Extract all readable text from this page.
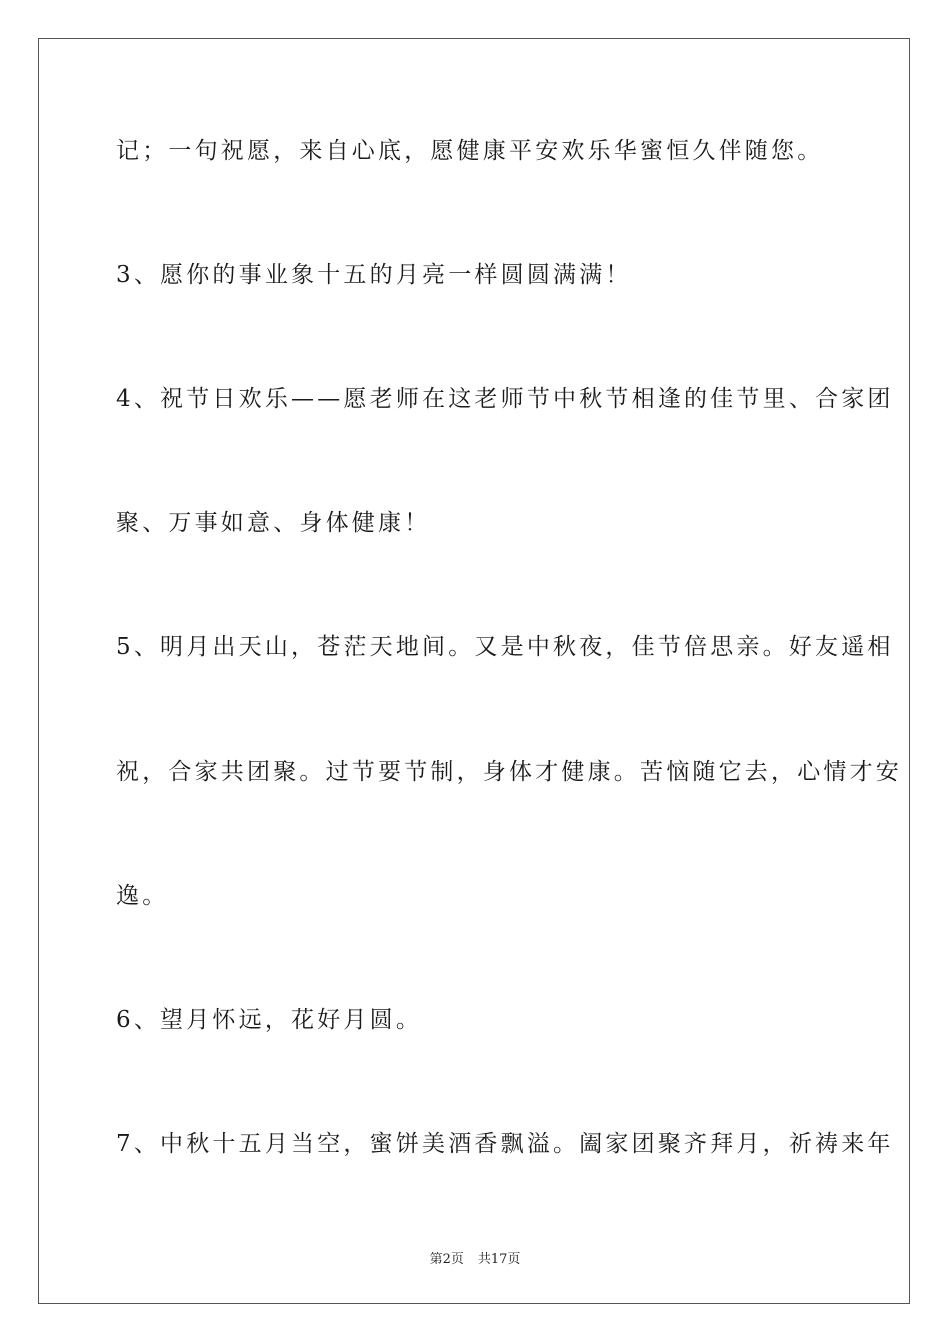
记；一句祝愿，来自心底，愿健康平安欢乐华蜜恒久伴随您。
3、愿你的事业象十五的月亮一样圆圆满满！
4、祝节日欢乐——愿老师在这老师节中秋节相逢的佳节里、合家团
聚、万事如意、身体健康！
5、明月出天山，苍茫天地间。又是中秋夜，佳节倍思亲。好友遥相
祝，合家共团聚。过节要节制，身体才健康。苦恼随它去，心情才安
逸。
6、望月怀远，花好月圆。
7、中秋十五月当空，蜜饼美酒香飘溢。阖家团聚齐拜月，祈祷来年
第2页 共17页
